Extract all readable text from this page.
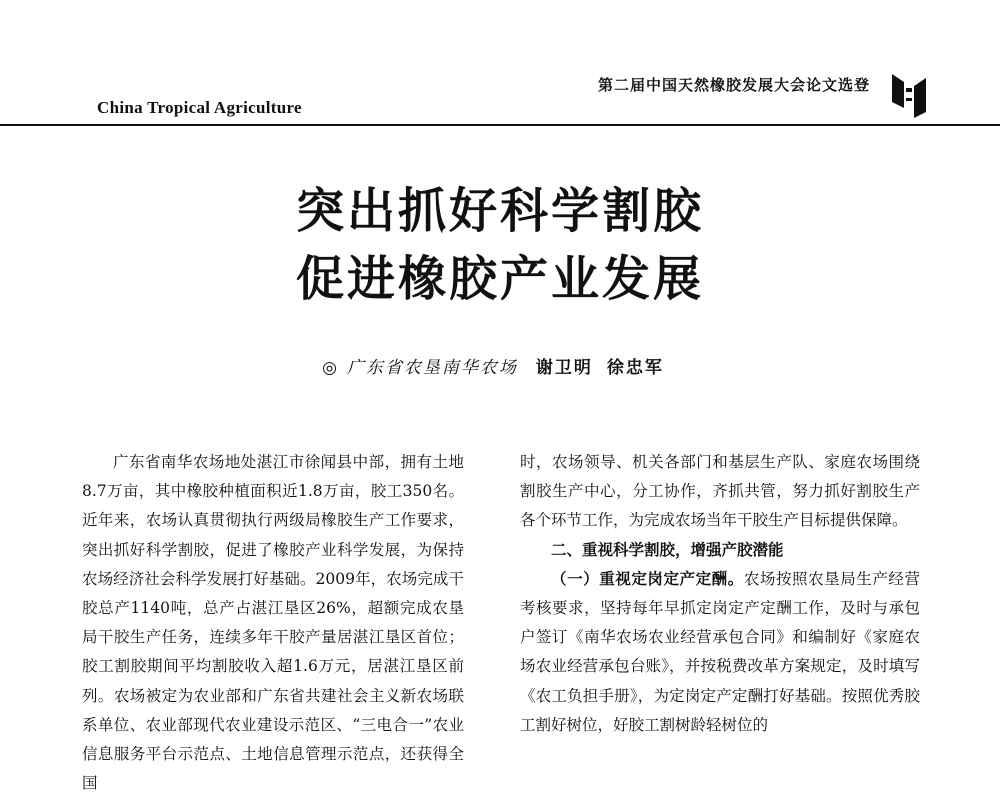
China Tropical Agriculture
第二届中国天然橡胶发展大会论文选登
突出抓好科学割胶
促进橡胶产业发展
◎ 广东省农垦南华农场 谢卫明 徐忠军

广东省南华农场地处湛江市徐闻县中部，拥有土地8.7万亩，其中橡胶种植面积近1.8万亩，胶工350名。近年来，农场认真贯彻执行两级局橡胶生产工作要求，突出抓好科学割胶，促进了橡胶产业科学发展，为保持农场经济社会科学发展打好基础。2009年，农场完成干胶总产1140吨，总产占湛江垦区26%，超额完成农垦局干胶生产任务，连续多年干胶产量居湛江垦区首位；胶工割胶期间平均割胶收入超1.6万元，居湛江垦区前列。农场被定为农业部和广东省共建社会主义新农场联系单位、农业部现代农业建设示范区、“三电合一”农业信息服务平台示范点、土地信息管理示范点，还获得全国

时，农场领导、机关各部门和基层生产队、家庭农场围绕割胶生产中心，分工协作，齐抓共管，努力抓好割胶生产各个环节工作，为完成农场当年干胶生产目标提供保障。

二、重视科学割胶，增强产胶潜能

（一）重视定岗定产定酬。农场按照农垦局生产经营考核要求，坚持每年早抓定岗定产定酬工作，及时与承包户签订《南华农场农业经营承包合同》和编制好《家庭农场农业经营承包台账》，并按税费改革方案规定，及时填写《农工负担手册》，为定岗定产定酬打好基础。按照优秀胶工割好树位，好胶工割树龄轻树位的
